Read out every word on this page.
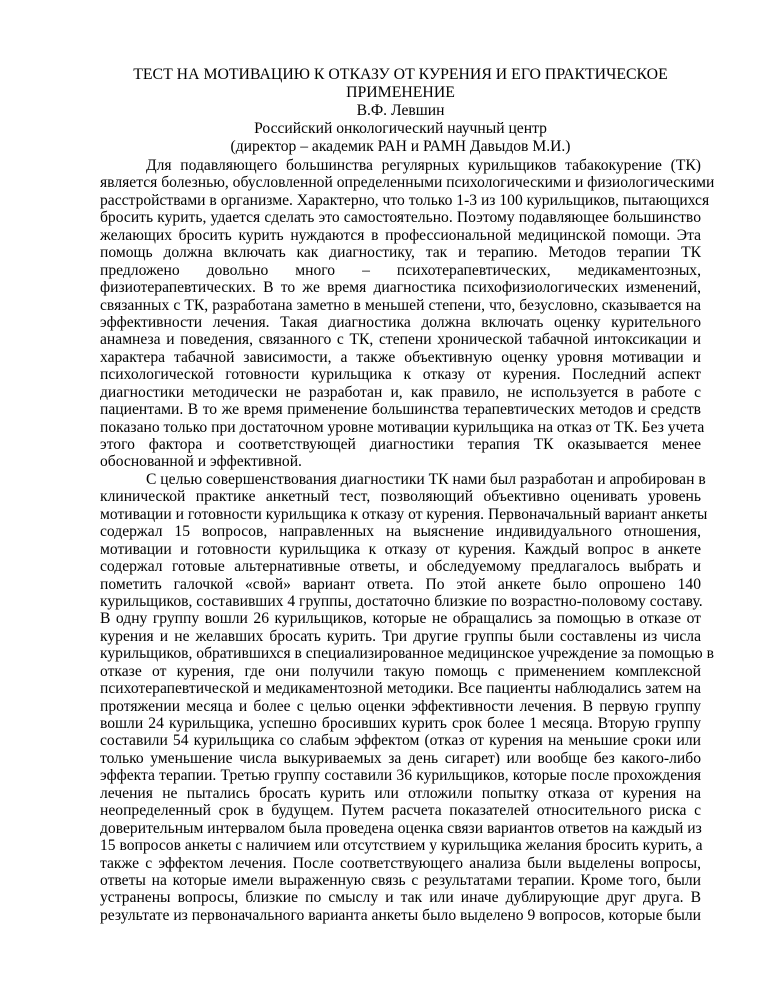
ТЕСТ НА МОТИВАЦИЮ К ОТКАЗУ ОТ КУРЕНИЯ И ЕГО ПРАКТИЧЕСКОЕ
ПРИМЕНЕНИЕ
В.Ф. Левшин
Российский онкологический научный центр
(директор – академик РАН и РАМН Давыдов М.И.)
Для подавляющего большинства регулярных курильщиков табакокурение (ТК)
является болезнью, обусловленной определенными психологическими и физиологическими
расстройствами в организме. Характерно, что только 1-3 из 100 курильщиков, пытающихся
бросить курить, удается сделать это самостоятельно. Поэтому подавляющее большинство
желающих бросить курить нуждаются в профессиональной медицинской помощи. Эта
помощь должна включать как диагностику, так и терапию. Методов терапии ТК
предложено довольно много – психотерапевтических, медикаментозных,
физиотерапевтических. В то же время диагностика психофизиологических изменений,
связанных с ТК, разработана заметно в меньшей степени, что, безусловно, сказывается на
эффективности лечения. Такая диагностика должна включать оценку курительного
анамнеза и поведения, связанного с ТК, степени хронической табачной интоксикации и
характера табачной зависимости, а также объективную оценку уровня мотивации и
психологической готовности курильщика к отказу от курения. Последний аспект
диагностики методически не разработан и, как правило, не используется в работе с
пациентами. В то же время применение большинства терапевтических методов и средств
показано только при достаточном уровне мотивации курильщика на отказ от ТК. Без учета
этого фактора и соответствующей диагностики терапия ТК оказывается менее
обоснованной и эффективной.
С целью совершенствования диагностики ТК нами был разработан и апробирован в
клинической практике анкетный тест, позволяющий объективно оценивать уровень
мотивации и готовности курильщика к отказу от курения. Первоначальный вариант анкеты
содержал 15 вопросов, направленных на выяснение индивидуального отношения,
мотивации и готовности курильщика к отказу от курения. Каждый вопрос в анкете
содержал готовые альтернативные ответы, и обследуемому предлагалось выбрать и
пометить галочкой «свой» вариант ответа. По этой анкете было опрошено 140
курильщиков, составивших 4 группы, достаточно близкие по возрастно-половому составу.
В одну группу вошли 26 курильщиков, которые не обращались за помощью в отказе от
курения и не желавших бросать курить. Три другие группы были составлены из числа
курильщиков, обратившихся в специализированное медицинское учреждение за помощью в
отказе от курения, где они получили такую помощь с применением комплексной
психотерапевтической и медикаментозной методики. Все пациенты наблюдались затем на
протяжении месяца и более с целью оценки эффективности лечения. В первую группу
вошли 24 курильщика, успешно бросивших курить срок более 1 месяца. Вторую группу
составили 54 курильщика со слабым эффектом (отказ от курения на меньшие сроки или
только уменьшение числа выкуриваемых за день сигарет) или вообще без какого-либо
эффекта терапии. Третью группу составили 36 курильщиков, которые после прохождения
лечения не пытались бросать курить или отложили попытку отказа от курения на
неопределенный срок в будущем. Путем расчета показателей относительного риска с
доверительным интервалом была проведена оценка связи вариантов ответов на каждый из
15 вопросов анкеты с наличием или отсутствием у курильщика желания бросить курить, а
также с эффектом лечения. После соответствующего анализа были выделены вопросы,
ответы на которые имели выраженную связь с результатами терапии. Кроме того, были
устранены вопросы, близкие по смыслу и так или иначе дублирующие друг друга. В
результате из первоначального варианта анкеты было выделено 9 вопросов, которые были
